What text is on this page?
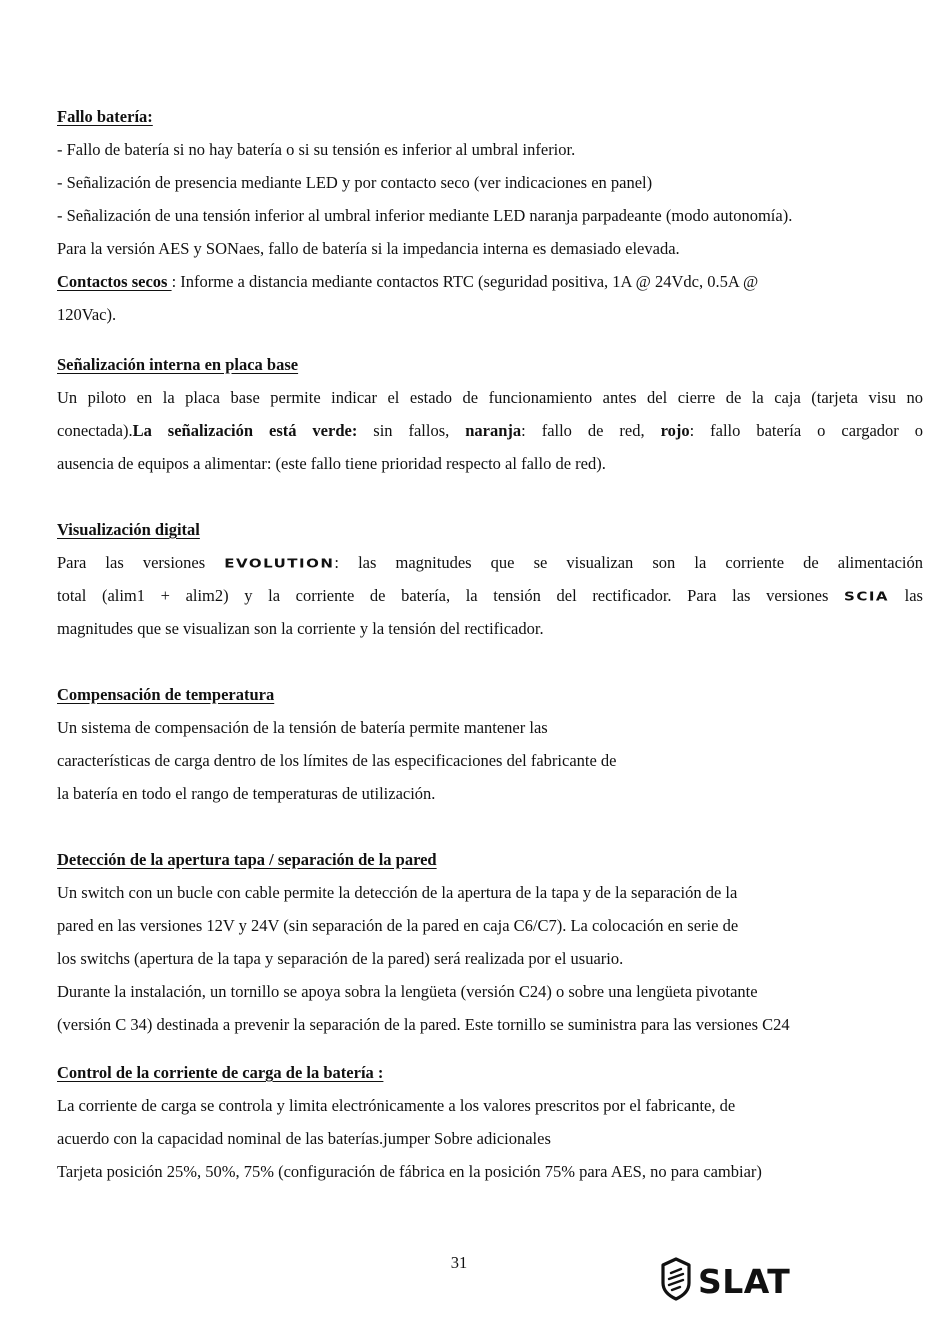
Fallo batería:
- Fallo de batería si no hay batería o si su tensión es inferior al umbral inferior.
- Señalización de presencia mediante LED y por contacto seco (ver indicaciones en panel)
- Señalización de una tensión inferior al umbral inferior mediante LED naranja parpadeante (modo autonomía).
Para la versión AES y SONaes, fallo de batería si la impedancia interna es demasiado elevada.
Contactos secos : Informe a distancia mediante contactos RTC (seguridad positiva, 1A @ 24Vdc, 0.5A @
120Vac).
Señalización interna en placa base
Un piloto en la placa base permite indicar el estado de funcionamiento antes del cierre de la caja (tarjeta visu no
conectada).La señalización está verde: sin fallos, naranja: fallo de red, rojo: fallo batería o cargador o
ausencia de equipos a alimentar: (este fallo tiene prioridad respecto al fallo de red).
Visualización digital
Para las versiones EVOLUTION: las magnitudes que se visualizan son la corriente de alimentación
total (alim1 + alim2) y la corriente de batería, la tensión del rectificador. Para las versiones SCIA las
magnitudes que se visualizan son la corriente y la tensión del rectificador.
Compensación de temperatura
Un sistema de compensación de la tensión de batería permite mantener las
características de carga dentro de los límites de las especificaciones del fabricante de
la batería en todo el rango de temperaturas de utilización.
Detección de la apertura tapa / separación de la pared
Un switch con un bucle con cable permite la detección de la apertura de la tapa y de la separación de la
pared en las versiones 12V y 24V (sin separación de la pared en caja C6/C7). La colocación en serie de
los switchs (apertura de la tapa y separación de la pared) será realizada por el usuario.
Durante la instalación, un tornillo se apoya sobra la lengüeta (versión C24) o sobre una lengüeta pivotante
(versión C 34) destinada a prevenir la separación de la pared. Este tornillo se suministra para las versiones C24
Control de la corriente de carga de la batería :
La corriente de carga se controla y limita electrónicamente a los valores prescritos por el fabricante, de
acuerdo con la capacidad nominal de las baterías.jumper Sobre adicionales
Tarjeta posición 25%, 50%, 75% (configuración de fábrica en la posición 75% para AES, no para cambiar)
31	SLAT
